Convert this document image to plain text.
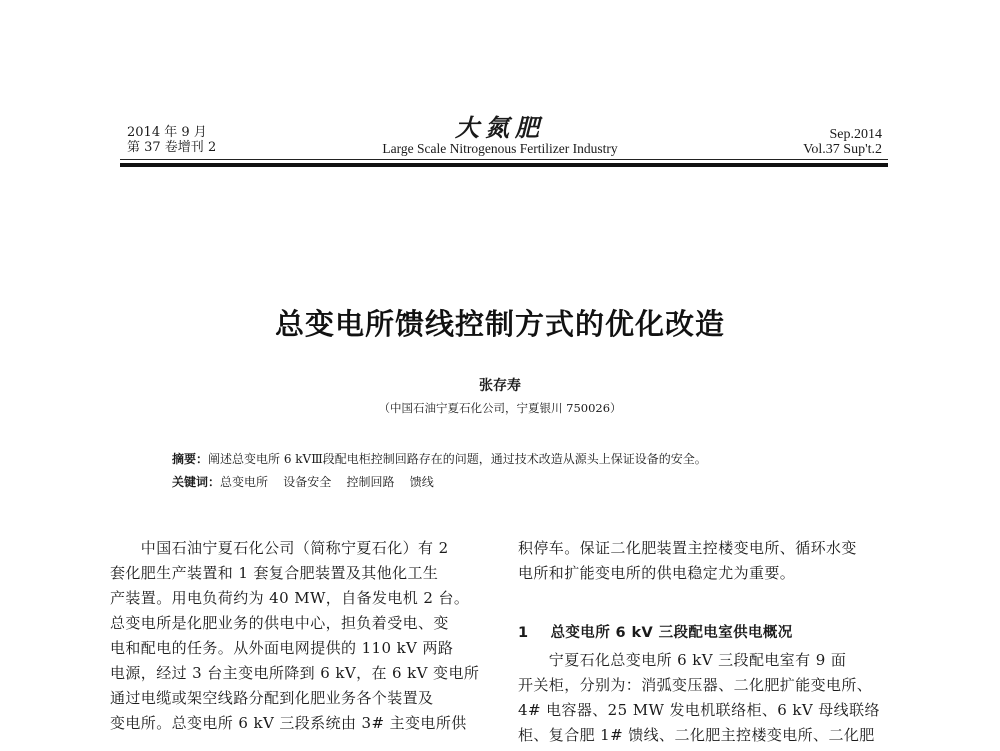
2014 年 9 月
第 37 卷增刊 2
大氮肥
Large Scale Nitrogenous Fertilizer Industry
Sep.2014
Vol.37 Sup't.2
总变电所馈线控制方式的优化改造
张存寿
（中国石油宁夏石化公司，宁夏银川 750026）
摘要：阐述总变电所 6 kVⅢ段配电柜控制回路存在的问题，通过技术改造从源头上保证设备的安全。
关键词：总变电所    设备安全    控制回路    馈线
　　中国石油宁夏石化公司（简称宁夏石化）有 2
套化肥生产装置和 1 套复合肥装置及其他化工生
产装置。用电负荷约为 40 MW，自备发电机 2 台。
总变电所是化肥业务的供电中心，担负着受电、变
电和配电的任务。从外面电网提供的 110 kV 两路
电源，经过 3 台主变电所降到 6 kV，在 6 kV 变电所
通过电缆或架空线路分配到化肥业务各个装置及
变电所。总变电所 6 kV 三段系统由 3# 主变电所供
积停车。保证二化肥装置主控楼变电所、循环水变
电所和扩能变电所的供电稳定尤为重要。
1 总变电所 6 kV 三段配电室供电概况
　　宁夏石化总变电所 6 kV 三段配电室有 9 面
开关柜，分别为：消弧变压器、二化肥扩能变电所、
4# 电容器、25 MW 发电机联络柜、6 kV 母线联络
柜、复合肥 1# 馈线、二化肥主控楼变电所、二化肥
